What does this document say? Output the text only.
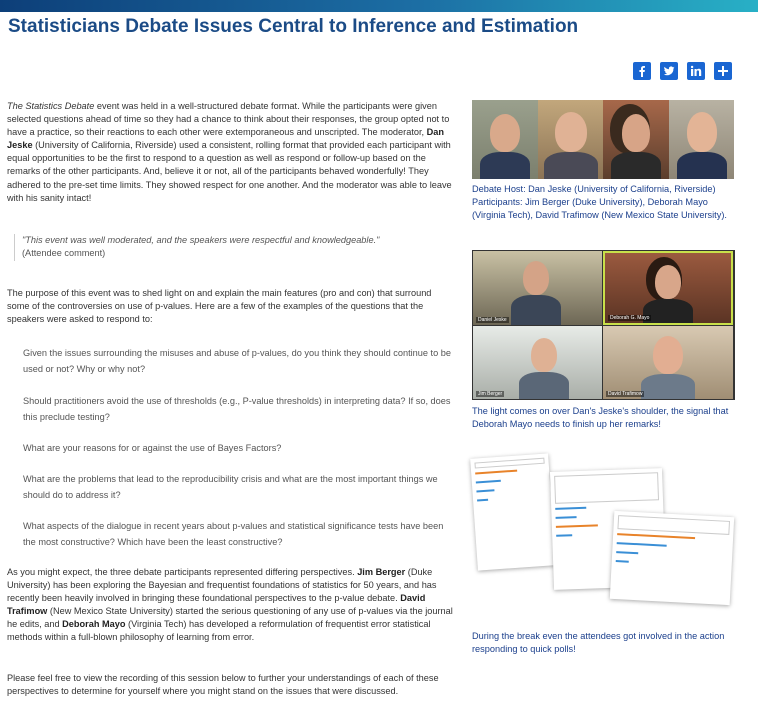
Statisticians Debate Issues Central to Inference and Estimation

The Statistics Debate event was held in a well-structured debate format. While the participants were given selected questions ahead of time so they had a chance to think about their responses, the group opted not to have a practice, so their reactions to each other were extemporaneous and unscripted. The moderator, Dan Jeske (University of California, Riverside) used a consistent, rolling format that provided each participant with equal opportunities to be the first to respond to a question as well as respond or follow-up based on the remarks of the other participants. And, believe it or not, all of the participants behaved wonderfully! They adhered to the pre-set time limits. They showed respect for one another. And the moderator was able to leave with his sanity intact!

"This event was well moderated, and the speakers were respectful and knowledgeable."
(Attendee comment)
The purpose of this event was to shed light on and explain the main features (pro and con) that surround some of the controversies on use of p-values. Here are a few of the examples of the questions that the speakers were asked to respond to:
Given the issues surrounding the misuses and abuse of p-values, do you think they should continue to be used or not? Why or why not?
Should practitioners avoid the use of thresholds (e.g., P-value thresholds) in interpreting data? If so, does this preclude testing?
What are your reasons for or against the use of Bayes Factors?
What are the problems that lead to the reproducibility crisis and what are the most important things we should do to address it?
What aspects of the dialogue in recent years about p-values and statistical significance tests have been the most constructive? Which have been the least constructive?
As you might expect, the three debate participants represented differing perspectives. Jim Berger (Duke University) has been exploring the Bayesian and frequentist foundations of statistics for 50 years, and has recently been heavily involved in bringing these foundational perspectives to the p-value debate. David Trafimow (New Mexico State University) started the serious questioning of any use of p-values via the journal he edits, and Deborah Mayo (Virginia Tech) has developed a reformulation of frequentist error statistical methods within a full-blown philosophy of learning from error.
Please feel free to view the recording of this session below to further your understandings of each of these perspectives to determine for yourself where you might stand on the issues that were discussed.
Debate Host: Dan Jeske (University of California, Riverside) Participants: Jim Berger (Duke University), Deborah Mayo (Virginia Tech), David Trafimow (New Mexico State University).
Daniel Jeske	Deborah G. Mayo
Jim Berger	David Trafimow
The light comes on over Dan's Jeske's shoulder, the signal that Deborah Mayo needs to finish up her remarks!
During the break even the attendees got involved in the action responding to quick polls!
